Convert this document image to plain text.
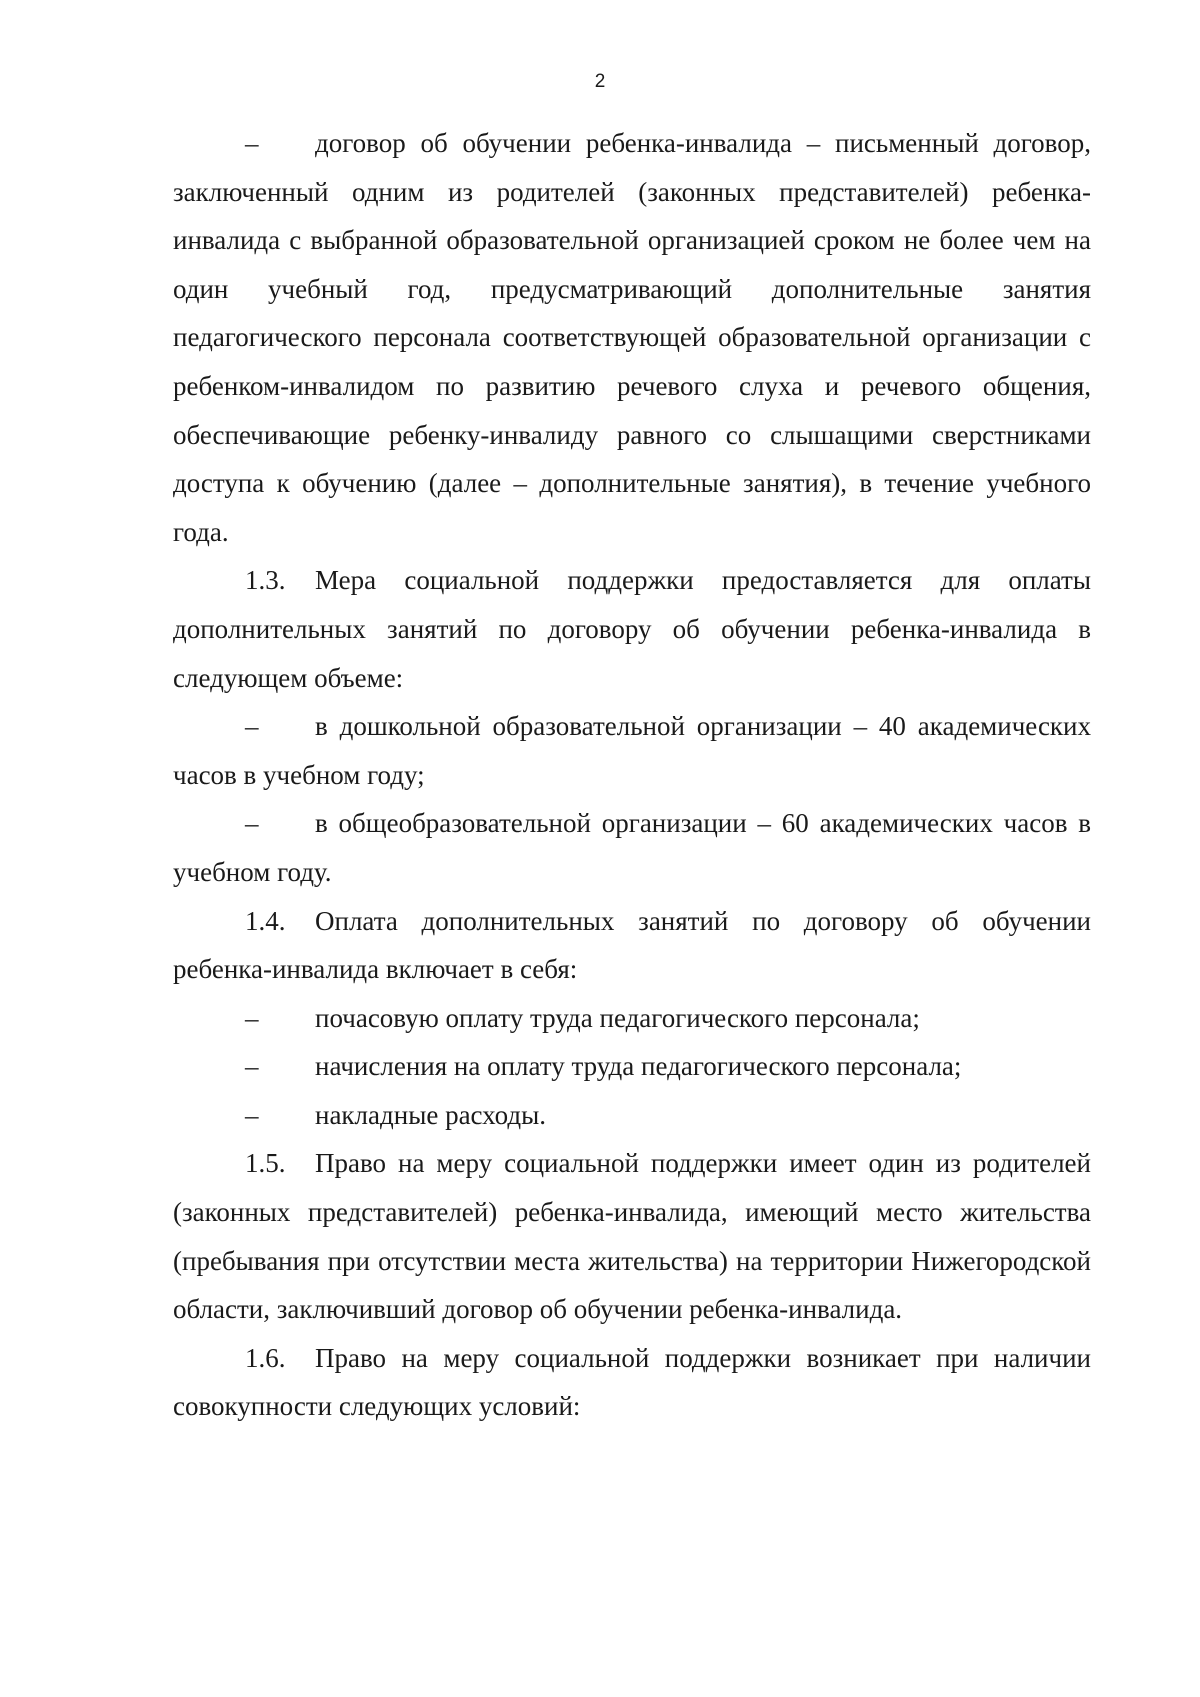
2

– договор об обучении ребенка-инвалида – письменный договор, заключенный одним из родителей (законных представителей) ребенка-инвалида с выбранной образовательной организацией сроком не более чем на один учебный год, предусматривающий дополнительные занятия педагогического персонала соответствующей образовательной организации с ребенком-инвалидом по развитию речевого слуха и речевого общения, обеспечивающие ребенку-инвалиду равного со слышащими сверстниками доступа к обучению (далее – дополнительные занятия), в течение учебного года.

1.3. Мера социальной поддержки предоставляется для оплаты дополнительных занятий по договору об обучении ребенка-инвалида в следующем объеме:

– в дошкольной образовательной организации – 40 академических часов в учебном году;

– в общеобразовательной организации – 60 академических часов в учебном году.

1.4. Оплата дополнительных занятий по договору об обучении ребенка-инвалида включает в себя:

– почасовую оплату труда педагогического персонала;

– начисления на оплату труда педагогического персонала;

– накладные расходы.

1.5. Право на меру социальной поддержки имеет один из родителей (законных представителей) ребенка-инвалида, имеющий место жительства (пребывания при отсутствии места жительства) на территории Нижегородской области, заключивший договор об обучении ребенка-инвалида.

1.6. Право на меру социальной поддержки возникает при наличии совокупности следующих условий:
